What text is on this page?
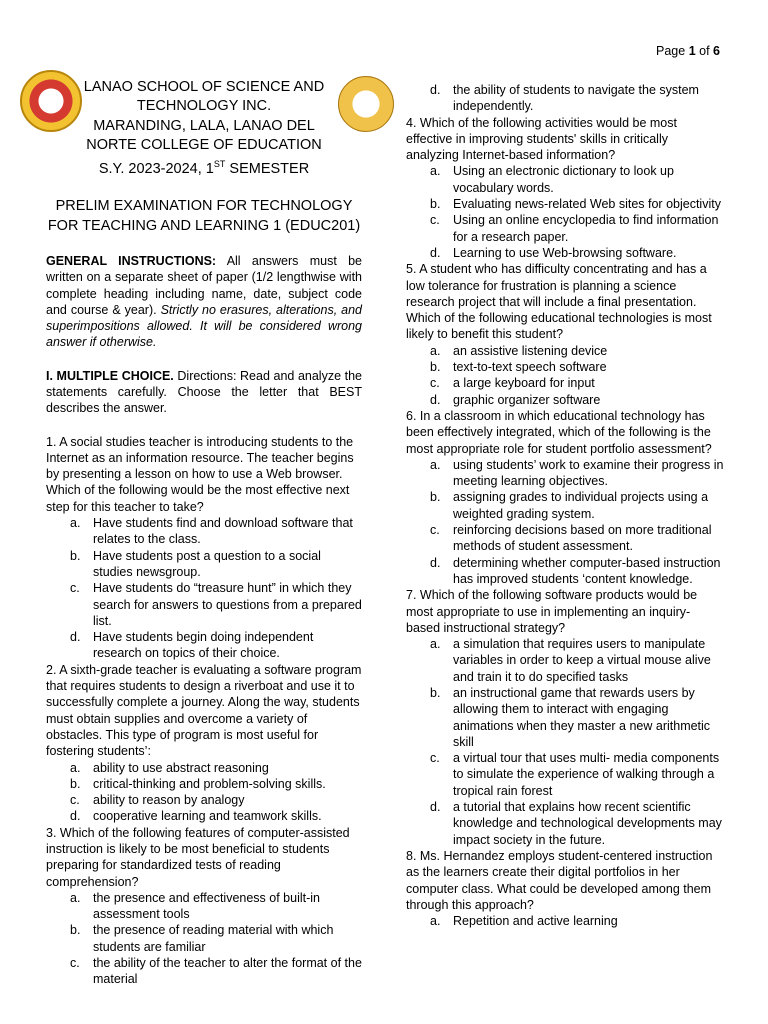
Page 1 of 6

LANAO SCHOOL OF SCIENCE AND

TECHNOLOGY INC.

MARANDING, LALA, LANAO DEL

NORTE COLLEGE OF EDUCATION

S.Y. 2023-2024, 1ST SEMESTER

PRELIM EXAMINATION FOR TECHNOLOGY

FOR TEACHING AND LEARNING 1 (EDUC201)

GENERAL INSTRUCTIONS: All answers must be written on a separate sheet of paper (1/2 lengthwise with complete heading including name, date, subject code and course & year). Strictly no erasures, alterations, and superimpositions allowed. It will be considered wrong answer if otherwise.

I. MULTIPLE CHOICE. Directions: Read and analyze the statements carefully. Choose the letter that BEST describes the answer.

1. A social studies teacher is introducing students to the Internet as an information resource. The teacher begins by presenting a lesson on how to use a Web browser. Which of the following would be the most effective next step for this teacher to take?

a. Have students find and download software that relates to the class.
b. Have students post a question to a social studies newsgroup.
c. Have students do “treasure hunt” in which they search for answers to questions from a prepared list.
d. Have students begin doing independent research on topics of their choice.

2. A sixth-grade teacher is evaluating a software program that requires students to design a riverboat and use it to successfully complete a journey. Along the way, students must obtain supplies and overcome a variety of obstacles. This type of program is most useful for fostering students’:

a. ability to use abstract reasoning
b. critical-thinking and problem-solving skills.
c. ability to reason by analogy
d. cooperative learning and teamwork skills.

3. Which of the following features of computer-assisted instruction is likely to be most beneficial to students preparing for standardized tests of reading comprehension?

a. the presence and effectiveness of built-in assessment tools
b. the presence of reading material with which students are familiar
c. the ability of the teacher to alter the format of the material
d. the ability of students to navigate the system independently.

4. Which of the following activities would be most effective in improving students' skills in critically analyzing Internet-based information?

a. Using an electronic dictionary to look up vocabulary words.
b. Evaluating news-related Web sites for objectivity
c. Using an online encyclopedia to find information for a research paper.
d. Learning to use Web-browsing software.

5. A student who has difficulty concentrating and has a low tolerance for frustration is planning a science research project that will include a final presentation. Which of the following educational technologies is most likely to benefit this student?

a. an assistive listening device
b. text-to-text speech software
c. a large keyboard for input
d. graphic organizer software

6. In a classroom in which educational technology has been effectively integrated, which of the following is the most appropriate role for student portfolio assessment?

a. using students’ work to examine their progress in meeting learning objectives.
b. assigning grades to individual projects using a weighted grading system.
c. reinforcing decisions based on more traditional methods of student assessment.
d. determining whether computer-based instruction has improved students ‘content knowledge.

7. Which of the following software products would be most appropriate to use in implementing an inquiry-based instructional strategy?

a. a simulation that requires users to manipulate variables in order to keep a virtual mouse alive and train it to do specified tasks
b. an instructional game that rewards users by allowing them to interact with engaging animations when they master a new arithmetic skill
c. a virtual tour that uses multi- media components to simulate the experience of walking through a tropical rain forest
d. a tutorial that explains how recent scientific knowledge and technological developments may impact society in the future.

8. Ms. Hernandez employs student-centered instruction as the learners create their digital portfolios in her computer class. What could be developed among them through this approach?

a. Repetition and active learning
